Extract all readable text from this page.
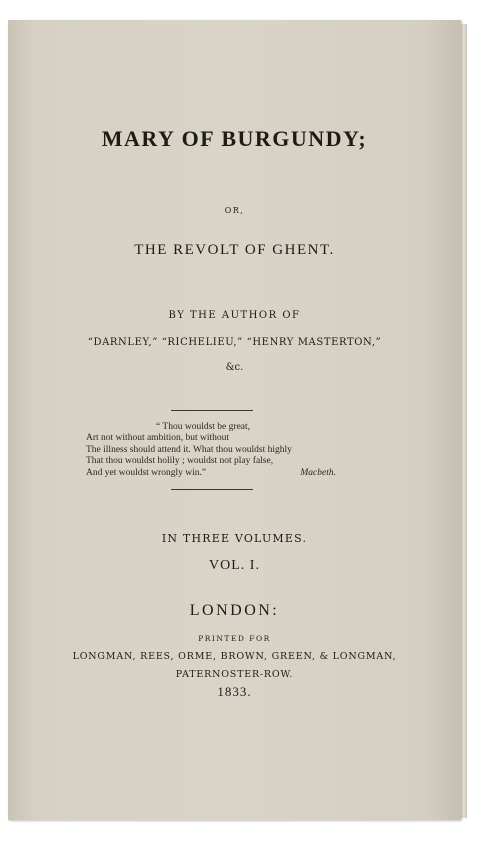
MARY OF BURGUNDY;
OR,
THE REVOLT OF GHENT.
BY THE AUTHOR OF
“DARNLEY,” “RICHELIEU,” “HENRY MASTERTON,”
&c.
“ Thou wouldst be great,
Art not without ambition, but without
The illness should attend it. What thou wouldst highly
That thou wouldst holily ; wouldst not play false,
And yet wouldst wrongly win.”	Macbeth.
IN THREE VOLUMES.
VOL. I.
LONDON:
PRINTED FOR
LONGMAN, REES, ORME, BROWN, GREEN, & LONGMAN,
PATERNOSTER-ROW.
1833.
